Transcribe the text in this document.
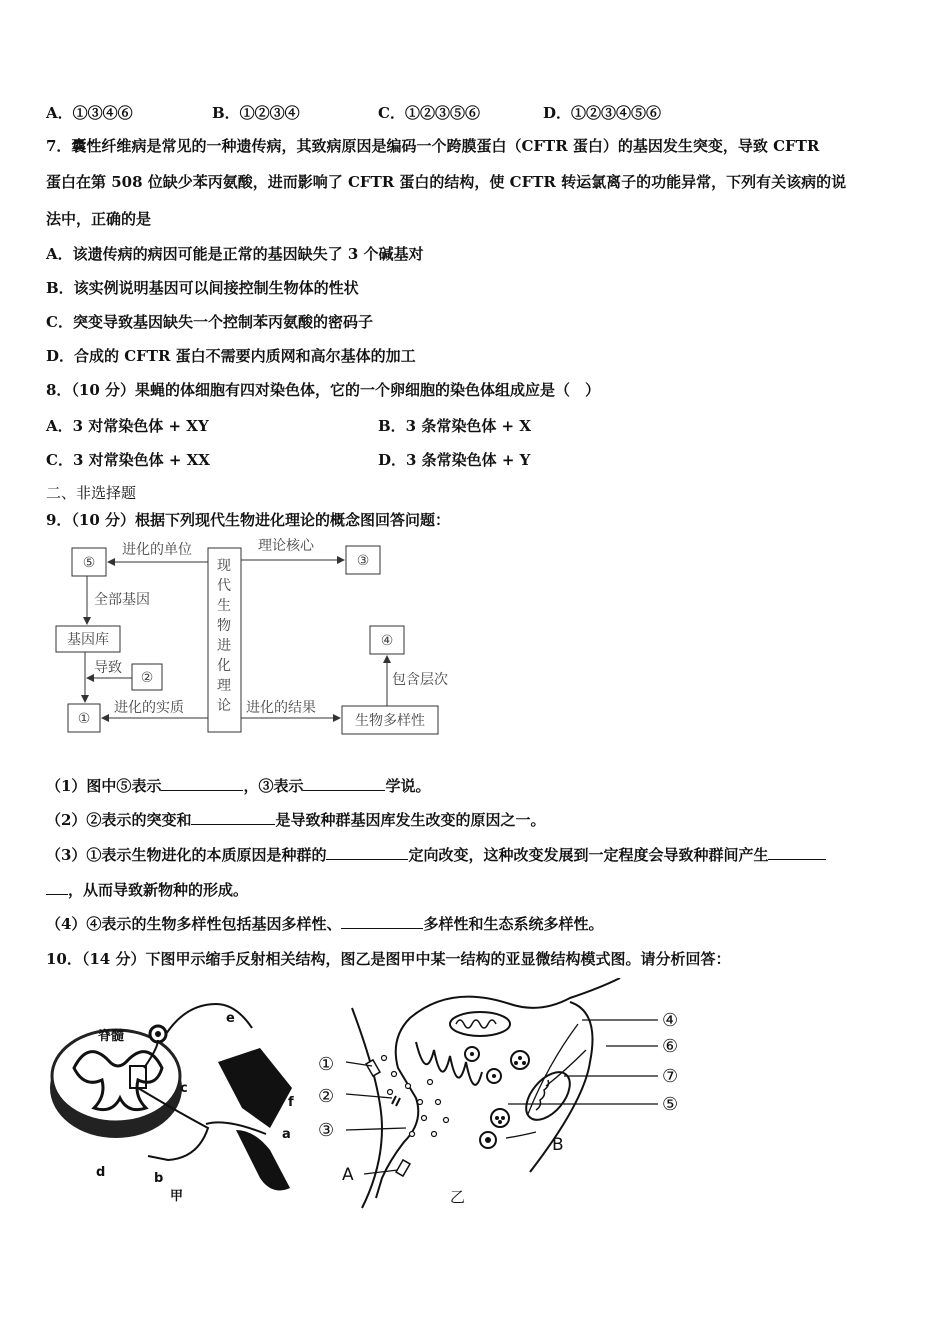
A．①③④⑥	B．①②③④	C．①②③⑤⑥	D．①②③④⑤⑥
7．囊性纤维病是常见的一种遗传病，其致病原因是编码一个跨膜蛋白（CFTR 蛋白）的基因发生突变，导致 CFTR
蛋白在第 508 位缺少苯丙氨酸，进而影响了 CFTR 蛋白的结构，使 CFTR 转运氯离子的功能异常，下列有关该病的说
法中，正确的是
A．该遗传病的病因可能是正常的基因缺失了 3 个碱基对
B．该实例说明基因可以间接控制生物体的性状
C．突变导致基因缺失一个控制苯丙氨酸的密码子
D．合成的 CFTR 蛋白不需要内质网和高尔基体的加工
8．（10 分）果蝇的体细胞有四对染色体，它的一个卵细胞的染色体组成应是（　）
A．3 对常染色体 + XY	B．3 条常染色体 + X
C．3 对常染色体 + XX	D．3 条常染色体 + Y
二、非选择题
9．（10 分）根据下列现代生物进化理论的概念图回答问题：
⑤	③
④
②
①
基因库
生物多样性
现
代
生
物
进
化
理
论
进化的单位	理论核心
全部基因
导致
进化的实质	进化的结果
包含层次
（1）图中⑤表示	，③表示	学说。
（2）②表示的突变和	是导致种群基因库发生改变的原因之一。
（3）①表示生物进化的本质原因是种群的	定向改变，这种改变发展到一定程度会导致种群间产生
，从而导致新物种的形成。
（4）④表示的生物多样性包括基因多样性、	多样性和生态系统多样性。
10．（14 分）下图甲示缩手反射相关结构，图乙是图甲中某一结构的亚显微结构模式图。请分析回答：
脊髓
a
b
c
d
e
f
甲
①
②
③
④
⑥
⑦
⑤
A
B
乙
